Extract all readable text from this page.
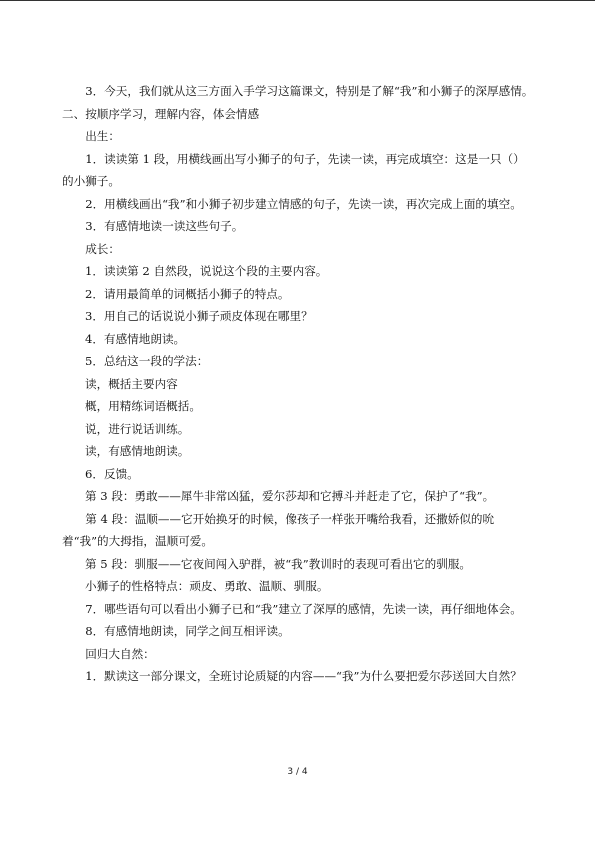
3．今天，我们就从这三方面入手学习这篇课文，特别是了解“我”和小狮子的深厚感情。

二、按顺序学习，理解内容，体会情感

出生：

1．读读第 1 段，用横线画出写小狮子的句子，先读一读，再完成填空：这是一只（）的小狮子。

2．用横线画出“我”和小狮子初步建立情感的句子，先读一读，再次完成上面的填空。

3．有感情地读一读这些句子。

成长：

1．读读第 2 自然段，说说这个段的主要内容。

2．请用最简单的词概括小狮子的特点。

3．用自己的话说说小狮子顽皮体现在哪里？

4．有感情地朗读。

5．总结这一段的学法：

读，概括主要内容

概，用精练词语概括。

说，进行说话训练。

读，有感情地朗读。

6．反馈。

第 3 段：勇敢——犀牛非常凶猛，爱尔莎却和它搏斗并赶走了它，保护了“我”。

第 4 段：温顺——它开始换牙的时候，像孩子一样张开嘴给我看，还撒娇似的吮着“我”的大拇指，温顺可爱。

第 5 段：驯服——它夜间闯入驴群，被“我”教训时的表现可看出它的驯服。

小狮子的性格特点：顽皮、勇敢、温顺、驯服。

7．哪些语句可以看出小狮子已和“我”建立了深厚的感情，先读一读，再仔细地体会。

8．有感情地朗读，同学之间互相评读。

回归大自然：

1．默读这一部分课文，全班讨论质疑的内容——“我”为什么要把爱尔莎送回大自然？

3 / 4
